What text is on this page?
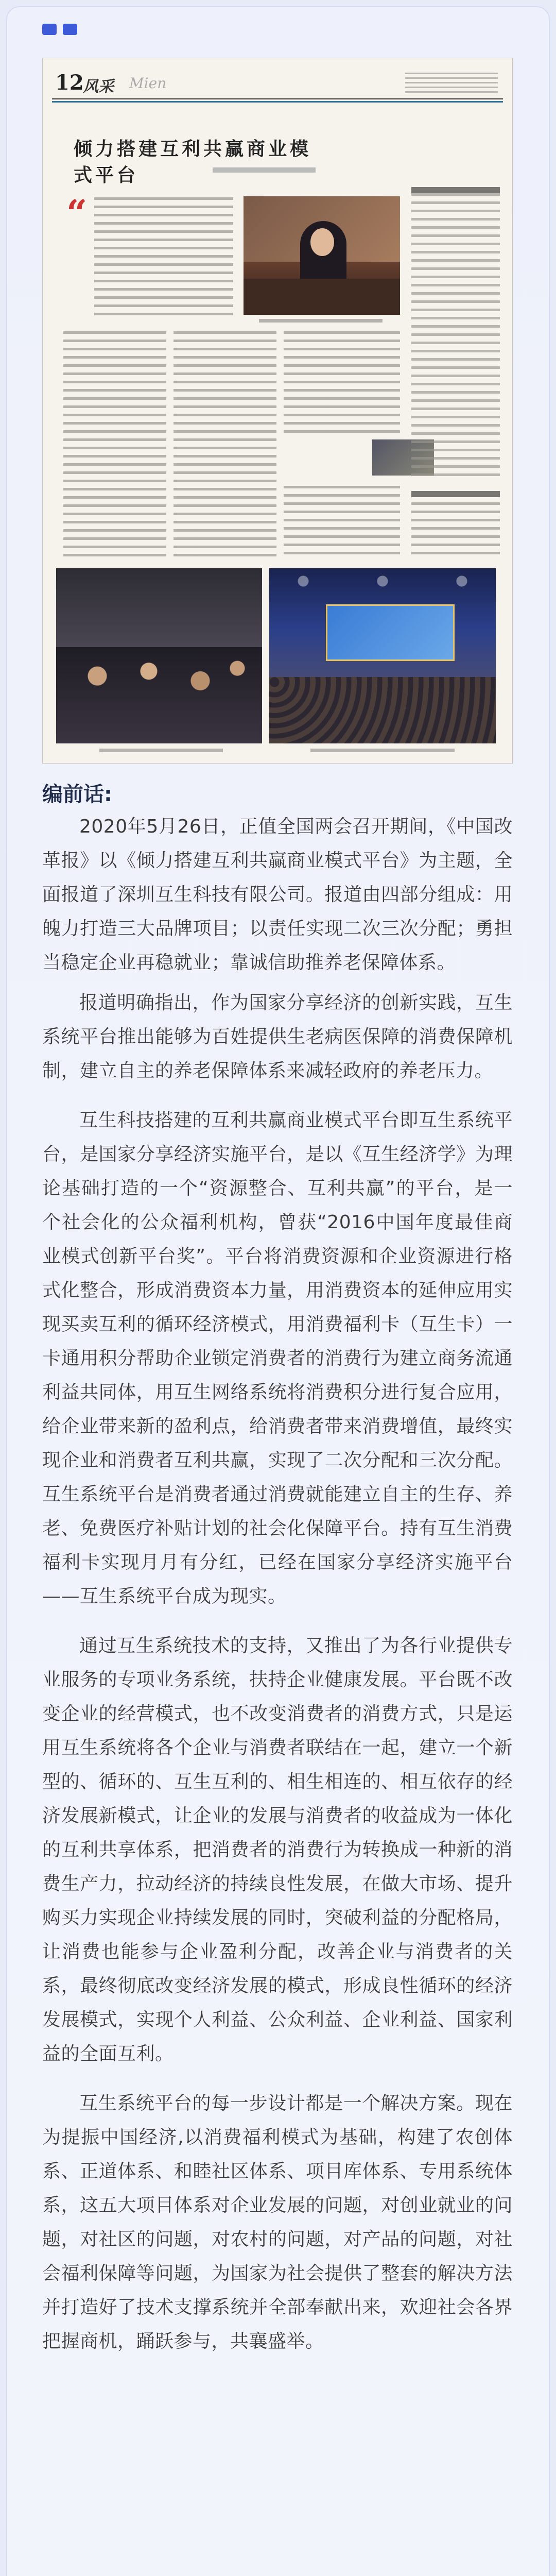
12
风采 Mien
倾力搭建互利共赢商业模式平台
“
编前话:

2020年5月26日，正值全国两会召开期间，《中国改革报》以《倾力搭建互利共赢商业模式平台》为主题，全面报道了深圳互生科技有限公司。报道由四部分组成：用魄力打造三大品牌项目；以责任实现二次三次分配；勇担当稳定企业再稳就业；靠诚信助推养老保障体系。

报道明确指出，作为国家分享经济的创新实践，互生系统平台推出能够为百姓提供生老病医保障的消费保障机制，建立自主的养老保障体系来减轻政府的养老压力。

互生科技搭建的互利共赢商业模式平台即互生系统平台，是国家分享经济实施平台，是以《互生经济学》为理论基础打造的一个“资源整合、互利共赢”的平台，是一个社会化的公众福利机构，曾获“2016中国年度最佳商业模式创新平台奖”。平台将消费资源和企业资源进行格式化整合，形成消费资本力量，用消费资本的延伸应用实现买卖互利的循环经济模式，用消费福利卡（互生卡）一卡通用积分帮助企业锁定消费者的消费行为建立商务流通利益共同体，用互生网络系统将消费积分进行复合应用，给企业带来新的盈利点，给消费者带来消费增值，最终实现企业和消费者互利共赢，实现了二次分配和三次分配。互生系统平台是消费者通过消费就能建立自主的生存、养老、免费医疗补贴计划的社会化保障平台。持有互生消费福利卡实现月月有分红，已经在国家分享经济实施平台——互生系统平台成为现实。

通过互生系统技术的支持，又推出了为各行业提供专业服务的专项业务系统，扶持企业健康发展。平台既不改变企业的经营模式，也不改变消费者的消费方式，只是运用互生系统将各个企业与消费者联结在一起，建立一个新型的、循环的、互生互利的、相生相连的、相互依存的经济发展新模式，让企业的发展与消费者的收益成为一体化的互利共享体系，把消费者的消费行为转换成一种新的消费生产力，拉动经济的持续良性发展，在做大市场、提升购买力实现企业持续发展的同时，突破利益的分配格局，让消费也能参与企业盈利分配，改善企业与消费者的关系，最终彻底改变经济发展的模式，形成良性循环的经济发展模式，实现个人利益、公众利益、企业利益、国家利益的全面互利。

互生系统平台的每一步设计都是一个解决方案。现在为提振中国经济,以消费福利模式为基础，构建了农创体系、正道体系、和睦社区体系、项目库体系、专用系统体系，这五大项目体系对企业发展的问题，对创业就业的问题，对社区的问题，对农村的问题，对产品的问题，对社会福利保障等问题，为国家为社会提供了整套的解决方法并打造好了技术支撑系统并全部奉献出来，欢迎社会各界把握商机，踊跃参与，共襄盛举。
